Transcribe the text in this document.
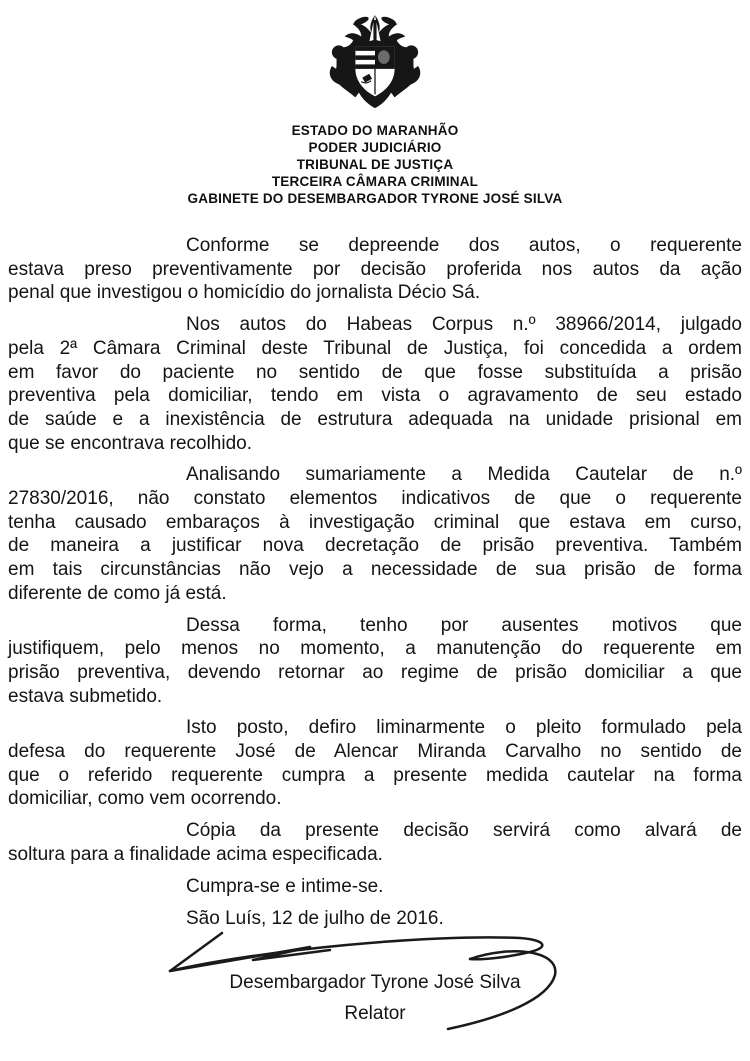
ESTADO DO MARANHÃO
PODER JUDICIÁRIO
TRIBUNAL DE JUSTIÇA
TERCEIRA CÂMARA CRIMINAL
GABINETE DO DESEMBARGADOR TYRONE JOSÉ SILVA

Conforme se depreende dos autos, o requerente
estava preso preventivamente por decisão proferida nos autos da ação
penal que investigou o homicídio do jornalista Décio Sá.

Nos autos do Habeas Corpus n.º 38966/2014, julgado
pela 2ª Câmara Criminal deste Tribunal de Justiça, foi concedida a ordem
em favor do paciente no sentido de que fosse substituída a prisão
preventiva pela domiciliar, tendo em vista o agravamento de seu estado
de saúde e a inexistência de estrutura adequada na unidade prisional em
que se encontrava recolhido.

Analisando sumariamente a Medida Cautelar de n.º
27830/2016, não constato elementos indicativos de que o requerente
tenha causado embaraços à investigação criminal que estava em curso,
de maneira a justificar nova decretação de prisão preventiva. Também
em tais circunstâncias não vejo a necessidade de sua prisão de forma
diferente de como já está.

Dessa forma, tenho por ausentes motivos que
justifiquem, pelo menos no momento, a manutenção do requerente em
prisão preventiva, devendo retornar ao regime de prisão domiciliar a que
estava submetido.

Isto posto, defiro liminarmente o pleito formulado pela
defesa do requerente José de Alencar Miranda Carvalho no sentido de
que o referido requerente cumpra a presente medida cautelar na forma
domiciliar, como vem ocorrendo.

Cópia da presente decisão servirá como alvará de
soltura para a finalidade acima especificada.

Cumpra-se e intime-se.

São Luís, 12 de julho de 2016.

Desembargador Tyrone José Silva
Relator
